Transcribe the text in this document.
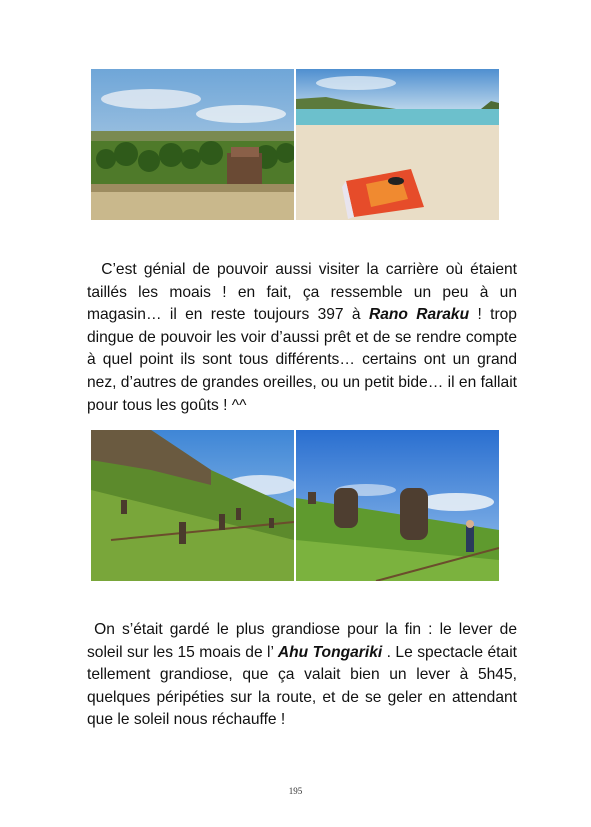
C’est génial de pouvoir aussi visiter la carrière où étaient taillés les moais ! en fait, ça ressemble un peu à un magasin… il en reste toujours 397 à Rano Raraku ! trop dingue de pouvoir les voir d’aussi prêt et de se rendre compte à quel point ils sont tous différents… certains ont un grand nez, d’autres de grandes oreilles, ou un petit bide… il en fallait pour tous les goûts ! ^^

On s’était gardé le plus grandiose pour la fin : le lever de soleil sur les 15 moais de l’ Ahu Tongariki . Le spectacle était tellement grandiose, que ça valait bien un lever à 5h45, quelques péripéties sur la route, et de se geler en attendant que le soleil nous réchauffe !

195
